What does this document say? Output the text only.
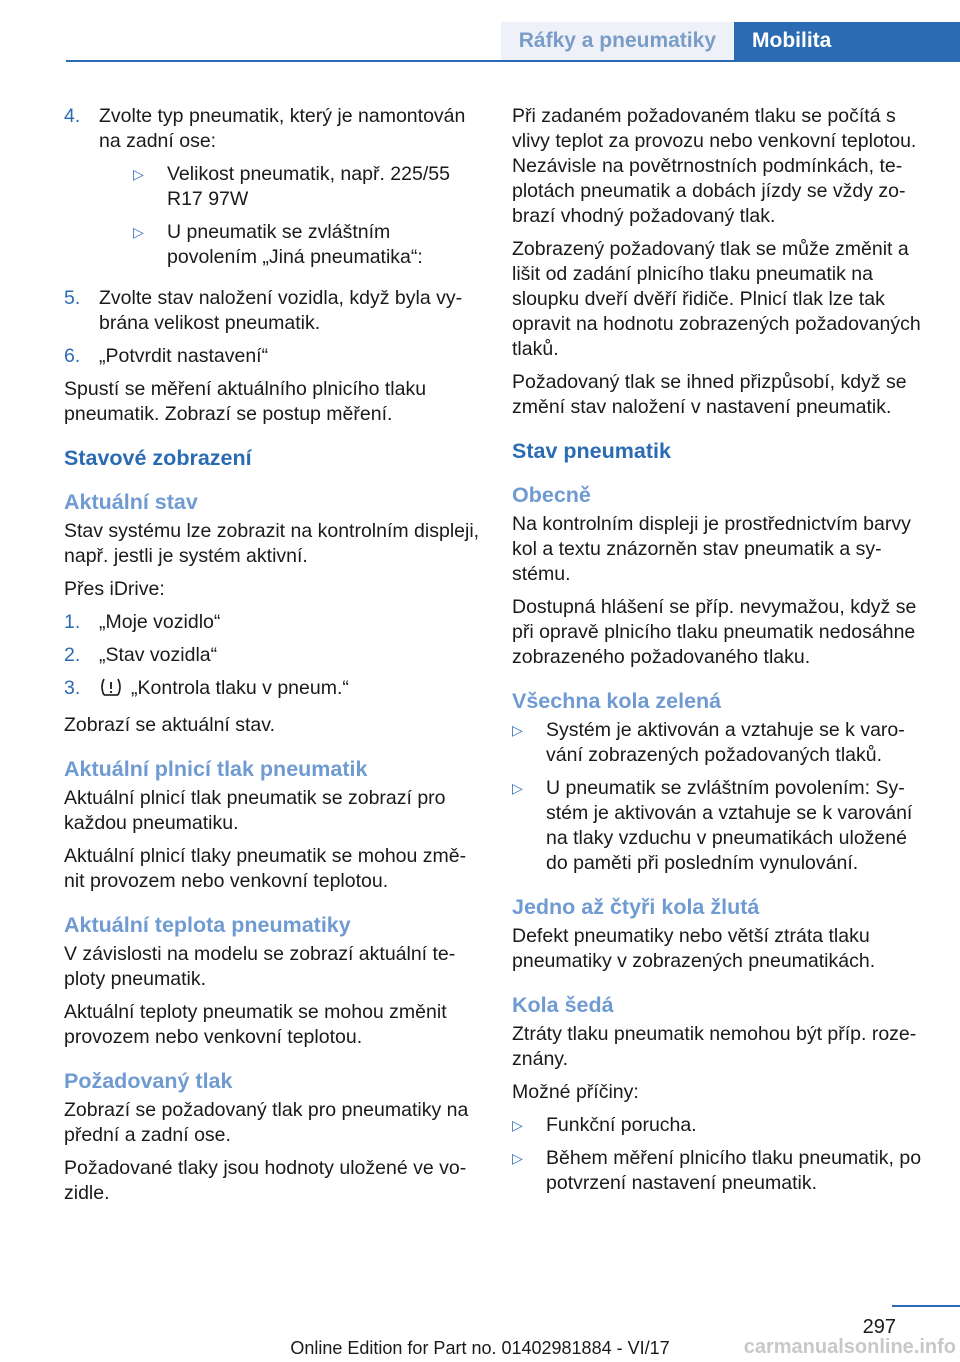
Ráfky a pneumatiky	Mobilita
4. Zvolte typ pneumatik, který je namontován na zadní ose:
▷	Velikost pneumatik, např. 225/55 R17 97W
▷	U pneumatik se zvláštním povolením „Jiná pneumatika“:
5. Zvolte stav naložení vozidla, když byla vybrána velikost pneumatik.
6. „Potvrdit nastavení“

Spustí se měření aktuálního plnicího tlaku pneumatik. Zobrazí se postup měření.

Stavové zobrazení
Aktuální stav

Stav systému lze zobrazit na kontrolním displeji, např. jestli je systém aktivní.

Přes iDrive:

1. „Moje vozidlo“
2. „Stav vozidla“
3.	„Kontrola tlaku v pneum.“

Zobrazí se aktuální stav.

Aktuální plnicí tlak pneumatik

Aktuální plnicí tlak pneumatik se zobrazí pro každou pneumatiku.

Aktuální plnicí tlaky pneumatik se mohou změnit provozem nebo venkovní teplotou.

Aktuální teplota pneumatiky

V závislosti na modelu se zobrazí aktuální teploty pneumatik.

Aktuální teploty pneumatik se mohou změnit provozem nebo venkovní teplotou.

Požadovaný tlak

Zobrazí se požadovaný tlak pro pneumatiky na přední a zadní ose.

Požadované tlaky jsou hodnoty uložené ve vozidle.

Při zadaném požadovaném tlaku se počítá s vlivy teplot za provozu nebo venkovní teplotou. Nezávisle na povětrnostních podmínkách, teplotách pneumatik a dobách jízdy se vždy zobrazí vhodný požadovaný tlak.

Zobrazený požadovaný tlak se může změnit a lišit od zadání plnicího tlaku pneumatik na sloupku dveří dvěří řidiče. Plnicí tlak lze tak opravit na hodnotu zobrazených požadovaných tlaků.

Požadovaný tlak se ihned přizpůsobí, když se změní stav naložení v nastavení pneumatik.

Stav pneumatik
Obecně

Na kontrolním displeji je prostřednictvím barvy kol a textu znázorněn stav pneumatik a systému.

Dostupná hlášení se příp. nevymažou, když se při opravě plnicího tlaku pneumatik nedosáhne zobrazeného požadovaného tlaku.

Všechna kola zelená
▷	Systém je aktivován a vztahuje se k varování zobrazených požadovaných tlaků.
▷	U pneumatik se zvláštním povolením: Systém je aktivován a vztahuje se k varování na tlaky vzduchu v pneumatikách uložené do paměti při posledním vynulování.
Jedno až čtyři kola žlutá

Defekt pneumatiky nebo větší ztráta tlaku pneumatiky v zobrazených pneumatikách.

Kola šedá

Ztráty tlaku pneumatik nemohou být příp. rozeznány.

Možné příčiny:

▷	Funkční porucha.
▷	Během měření plnicího tlaku pneumatik, po potvrzení nastavení pneumatik.
297
Online Edition for Part no. 01402981884 - VI/17	carmanualsonline.info
